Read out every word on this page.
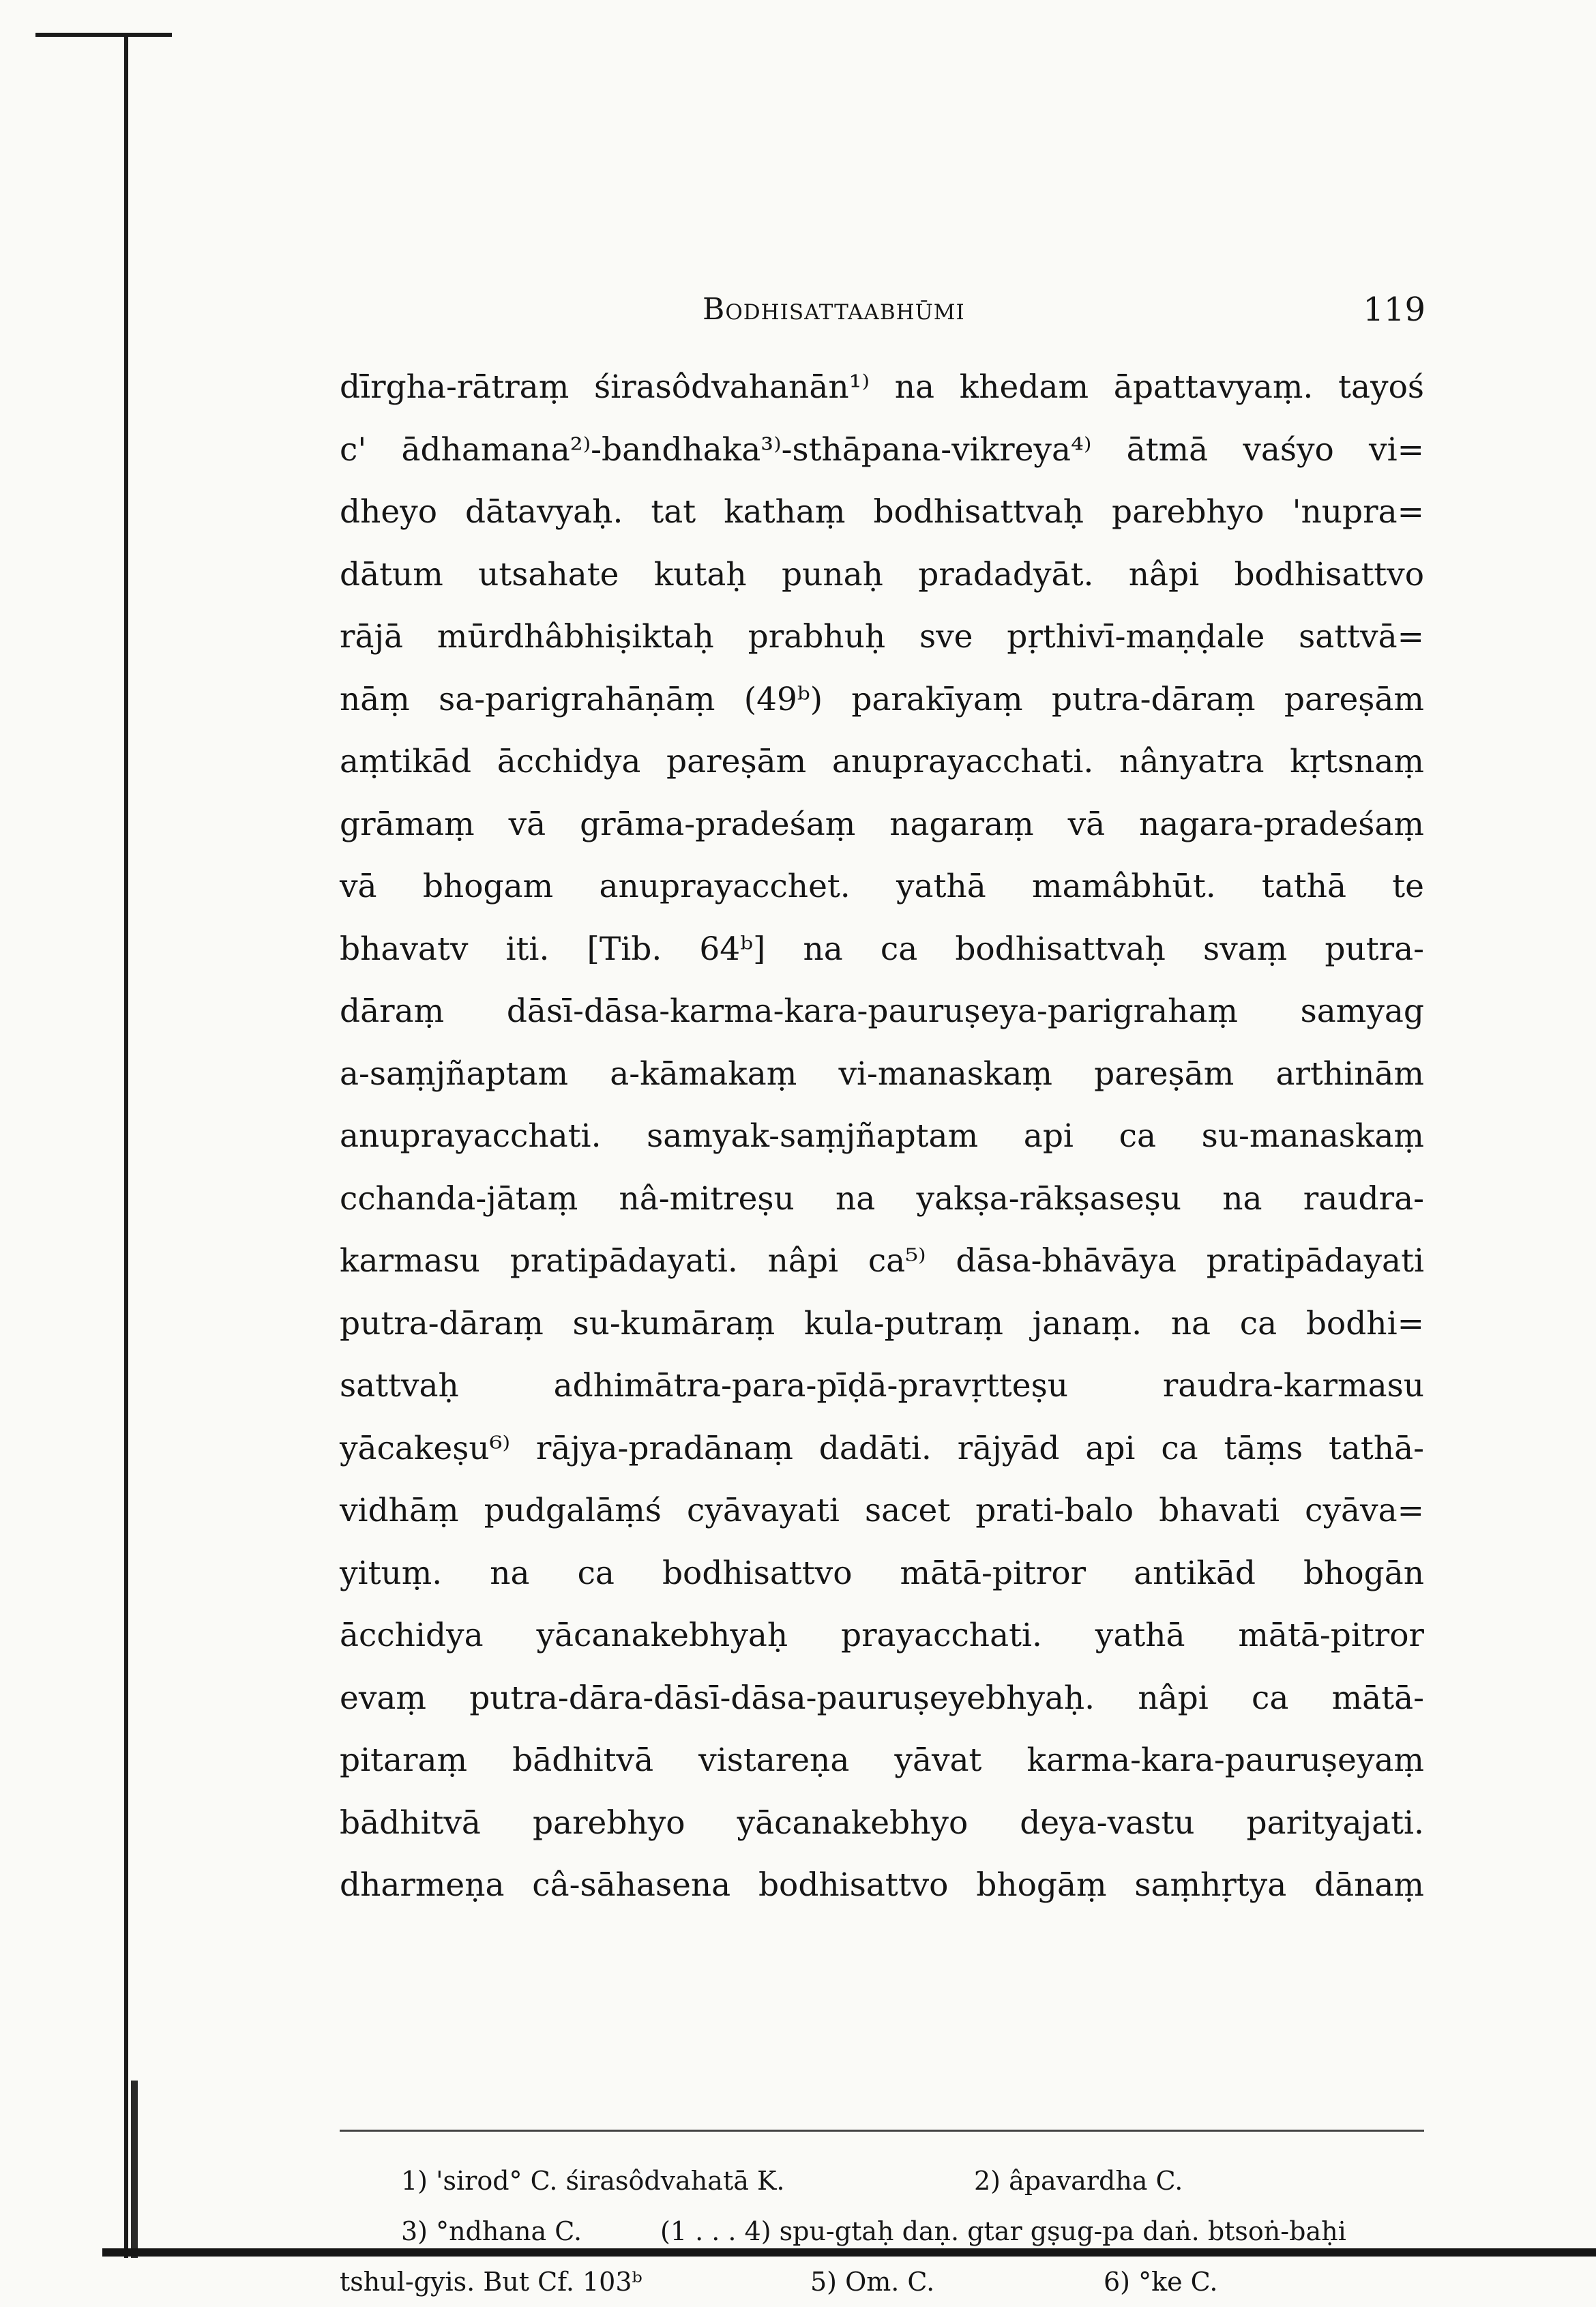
Bodhisattaabhūmi	119
dīrgha-rātraṃ śirasôdvahanān¹⁾ na khedam āpattavyaṃ. tayoś
c' ādhamana²⁾-bandhaka³⁾-sthāpana-vikreya⁴⁾ ātmā vaśyo vi=
dheyo dātavyaḥ. tat kathaṃ bodhisattvaḥ parebhyo 'nupra=
dātum utsahate kutaḥ punaḥ pradadyāt. nâpi bodhisattvo
rājā mūrdhâbhiṣiktaḥ prabhuḥ sve pṛthivī-maṇḍale sattvā=
nāṃ sa-parigrahāṇāṃ (49ᵇ) parakīyaṃ putra-dāraṃ pareṣām
aṃtikād ācchidya pareṣām anuprayacchati. nânyatra kṛtsnaṃ
grāmaṃ vā grāma-pradeśaṃ nagaraṃ vā nagara-pradeśaṃ
vā bhogam anuprayacchet. yathā mamâbhūt. tathā te
bhavatv iti. [Tib. 64ᵇ] na ca bodhisattvaḥ svaṃ putra-
dāraṃ dāsī-dāsa-karma-kara-pauruṣeya-parigrahaṃ samyag
a-saṃjñaptam a-kāmakaṃ vi-manaskaṃ pareṣām arthinām
anuprayacchati. samyak-saṃjñaptam api ca su-manaskaṃ
cchanda-jātaṃ nâ-mitreṣu na yakṣa-rākṣaseṣu na raudra-
karmasu pratipādayati. nâpi ca⁵⁾ dāsa-bhāvāya pratipādayati
putra-dāraṃ su-kumāraṃ kula-putraṃ janaṃ. na ca bodhi=
sattvaḥ adhimātra-para-pīḍā-pravṛtteṣu raudra-karmasu
yācakeṣu⁶⁾ rājya-pradānaṃ dadāti. rājyād api ca tāṃs tathā-
vidhāṃ pudgalāṃś cyāvayati sacet prati-balo bhavati cyāva=
yituṃ. na ca bodhisattvo mātā-pitror antikād bhogān
ācchidya yācanakebhyaḥ prayacchati. yathā mātā-pitror
evaṃ putra-dāra-dāsī-dāsa-pauruṣeyebhyaḥ. nâpi ca mātā-
pitaraṃ bādhitvā vistareṇa yāvat karma-kara-pauruṣeyaṃ
bādhitvā parebhyo yācanakebhyo deya-vastu parityajati.
dharmeṇa câ-sāhasena bodhisattvo bhogāṃ saṃhṛtya dānaṃ
1) 'sirod° C. śirasôdvahatā K.	2) âpavardha C.
3) °ndhana C.	(1 . . . 4) spu-gtaḥ daṇ. gtar gṣug-pa daṅ. btsoṅ-baḥi
tshul-gyis. But Cf. 103ᵇ	5) Om. C.	6) °ke C.
